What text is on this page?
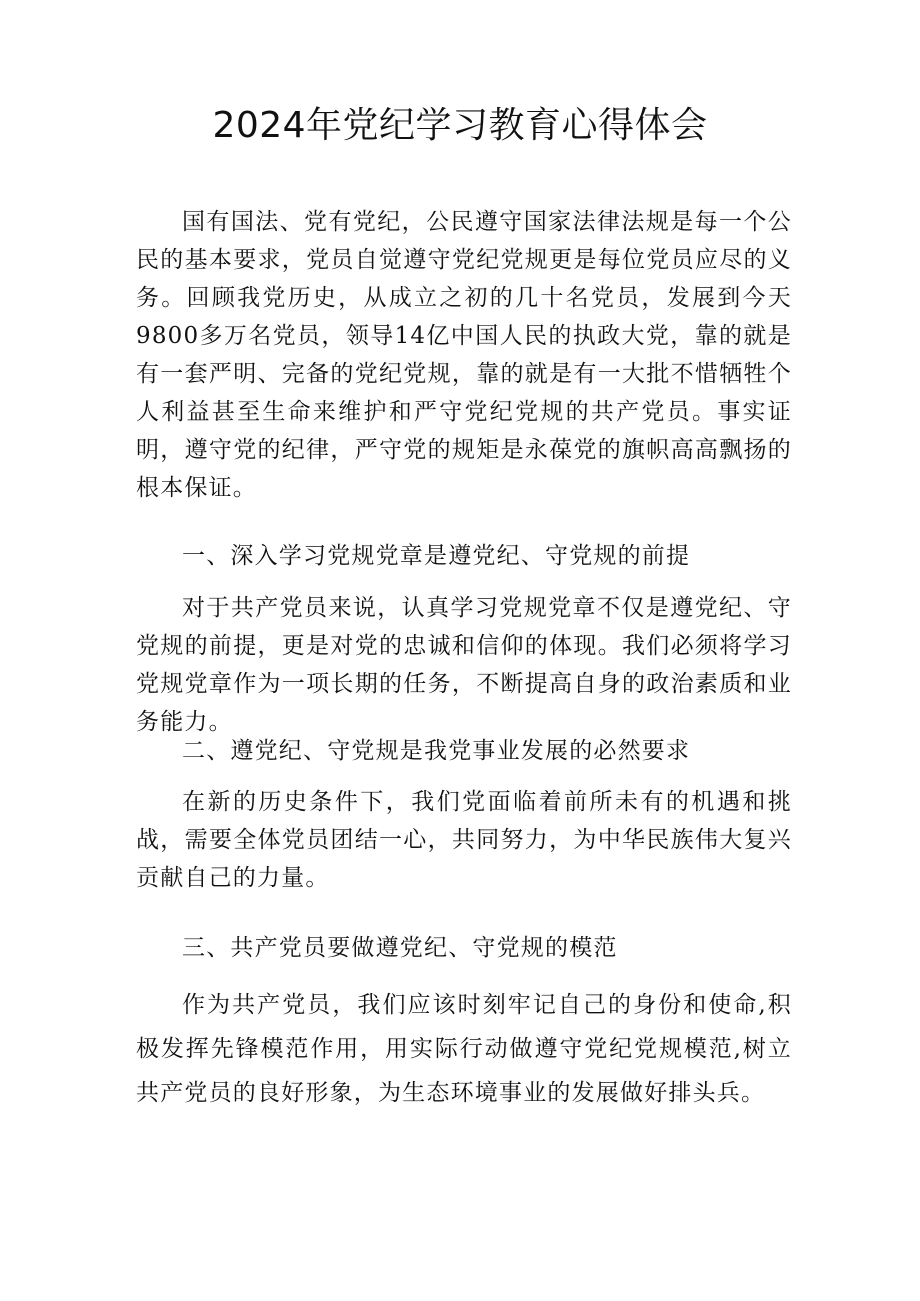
2024年党纪学习教育心得体会

国有国法、党有党纪，公民遵守国家法律法规是每一个公民的基本要求，党员自觉遵守党纪党规更是每位党员应尽的义务。回顾我党历史，从成立之初的几十名党员，发展到今天9800多万名党员，领导14亿中国人民的执政大党，靠的就是有一套严明、完备的党纪党规，靠的就是有一大批不惜牺牲个人利益甚至生命来维护和严守党纪党规的共产党员。事实证明，遵守党的纪律，严守党的规矩是永葆党的旗帜高高飘扬的根本保证。

一、深入学习党规党章是遵党纪、守党规的前提

对于共产党员来说，认真学习党规党章不仅是遵党纪、守党规的前提，更是对党的忠诚和信仰的体现。我们必须将学习党规党章作为一项长期的任务，不断提高自身的政治素质和业务能力。

二、遵党纪、守党规是我党事业发展的必然要求

在新的历史条件下，我们党面临着前所未有的机遇和挑战，需要全体党员团结一心，共同努力，为中华民族伟大复兴贡献自己的力量。

三、共产党员要做遵党纪、守党规的模范

作为共产党员，我们应该时刻牢记自己的身份和使命,积极发挥先锋模范作用，用实际行动做遵守党纪党规模范,树立共产党员的良好形象，为生态环境事业的发展做好排头兵。
